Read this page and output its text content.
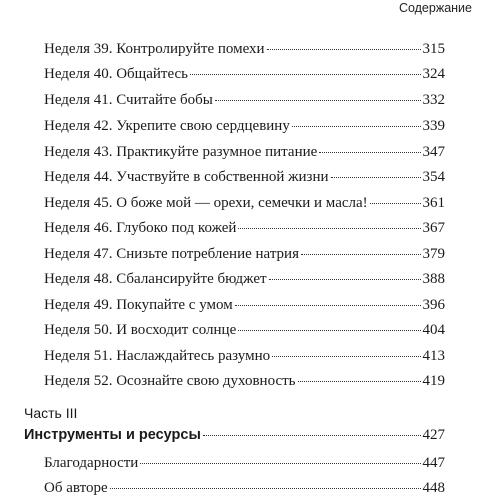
Содержание
Неделя 39. Контролируйте помехи	315
Неделя 40. Общайтесь	324
Неделя 41. Считайте бобы	332
Неделя 42. Укрепите свою сердцевину	339
Неделя 43. Практикуйте разумное питание	347
Неделя 44. Участвуйте в собственной жизни	354
Неделя 45. О боже мой — орехи, семечки и масла!	361
Неделя 46. Глубоко под кожей	367
Неделя 47. Снизьте потребление натрия	379
Неделя 48. Сбалансируйте бюджет	388
Неделя 49. Покупайте с умом	396
Неделя 50. И восходит солнце	404
Неделя 51. Наслаждайтесь разумно	413
Неделя 52. Осознайте свою духовность	419
Часть III
Инструменты и ресурсы	427
Благодарности	447
Об авторе	448
